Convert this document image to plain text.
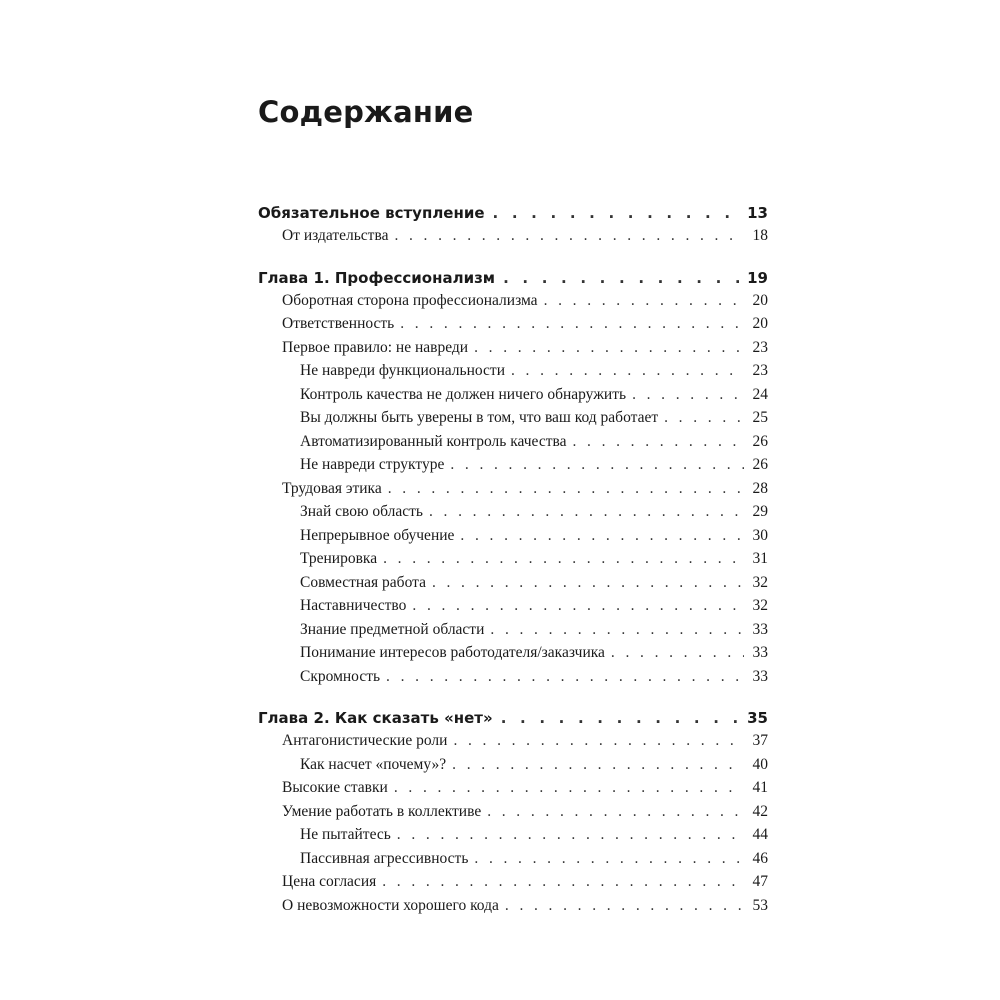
Содержание
Обязательное вступление . . .	13
От издательства . . .	18
Глава 1. Профессионализм . . .	19
Оборотная сторона профессионализма . . .	20
Ответственность . . .	20
Первое правило: не навреди . . .	23
Не навреди функциональности . . .	23
Контроль качества не должен ничего обнаружить . . .	24
Вы должны быть уверены в том, что ваш код работает . . .	25
Автоматизированный контроль качества . . .	26
Не навреди структуре . . .	26
Трудовая этика . . .	28
Знай свою область . . .	29
Непрерывное обучение . . .	30
Тренировка . . .	31
Совместная работа . . .	32
Наставничество . . .	32
Знание предметной области . . .	33
Понимание интересов работодателя/заказчика . . .	33
Скромность . . .	33
Глава 2. Как сказать «нет» . . .	35
Антагонистические роли . . .	37
Как насчет «почему»? . . .	40
Высокие ставки . . .	41
Умение работать в коллективе . . .	42
Не пытайтесь . . .	44
Пассивная агрессивность . . .	46
Цена согласия . . .	47
О невозможности хорошего кода . . .	53
